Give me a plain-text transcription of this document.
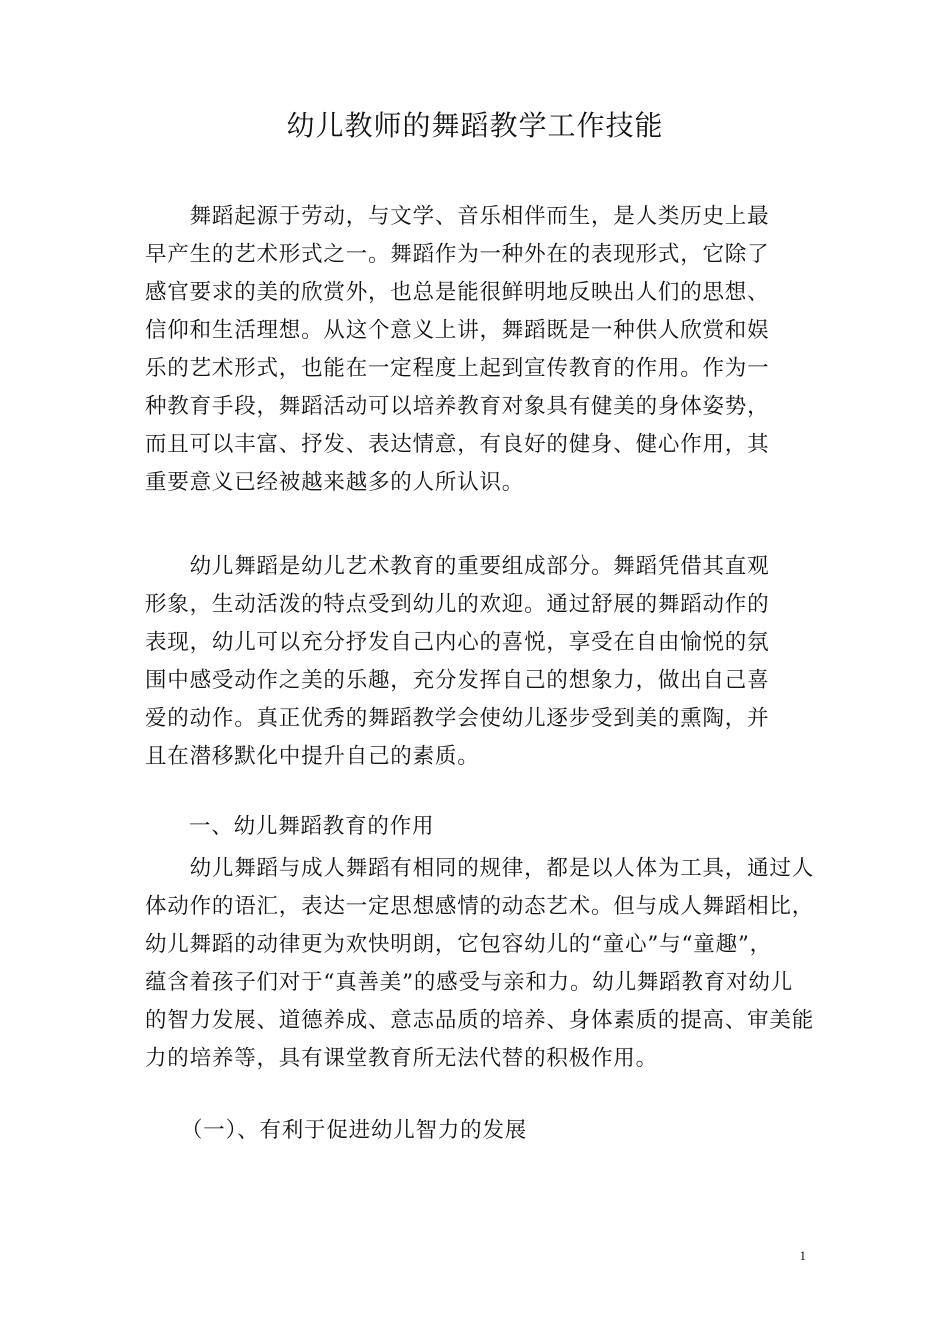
幼儿教师的舞蹈教学工作技能
　　舞蹈起源于劳动，与文学、音乐相伴而生，是人类历史上最
早产生的艺术形式之一。舞蹈作为一种外在的表现形式，它除了
感官要求的美的欣赏外，也总是能很鲜明地反映出人们的思想、
信仰和生活理想。从这个意义上讲，舞蹈既是一种供人欣赏和娱
乐的艺术形式，也能在一定程度上起到宣传教育的作用。作为一
种教育手段，舞蹈活动可以培养教育对象具有健美的身体姿势，
而且可以丰富、抒发、表达情意，有良好的健身、健心作用，其
重要意义已经被越来越多的人所认识。
　　幼儿舞蹈是幼儿艺术教育的重要组成部分。舞蹈凭借其直观
形象，生动活泼的特点受到幼儿的欢迎。通过舒展的舞蹈动作的
表现，幼儿可以充分抒发自己内心的喜悦，享受在自由愉悦的氛
围中感受动作之美的乐趣，充分发挥自己的想象力，做出自己喜
爱的动作。真正优秀的舞蹈教学会使幼儿逐步受到美的熏陶，并
且在潜移默化中提升自己的素质。
一、幼儿舞蹈教育的作用
　　幼儿舞蹈与成人舞蹈有相同的规律，都是以人体为工具，通过人
体动作的语汇，表达一定思想感情的动态艺术。但与成人舞蹈相比，
幼儿舞蹈的动律更为欢快明朗，它包容幼儿的“童心”与“童趣”，
蕴含着孩子们对于“真善美”的感受与亲和力。幼儿舞蹈教育对幼儿
的智力发展、道德养成、意志品质的培养、身体素质的提高、审美能
力的培养等，具有课堂教育所无法代替的积极作用。
（一）、有利于促进幼儿智力的发展
1
